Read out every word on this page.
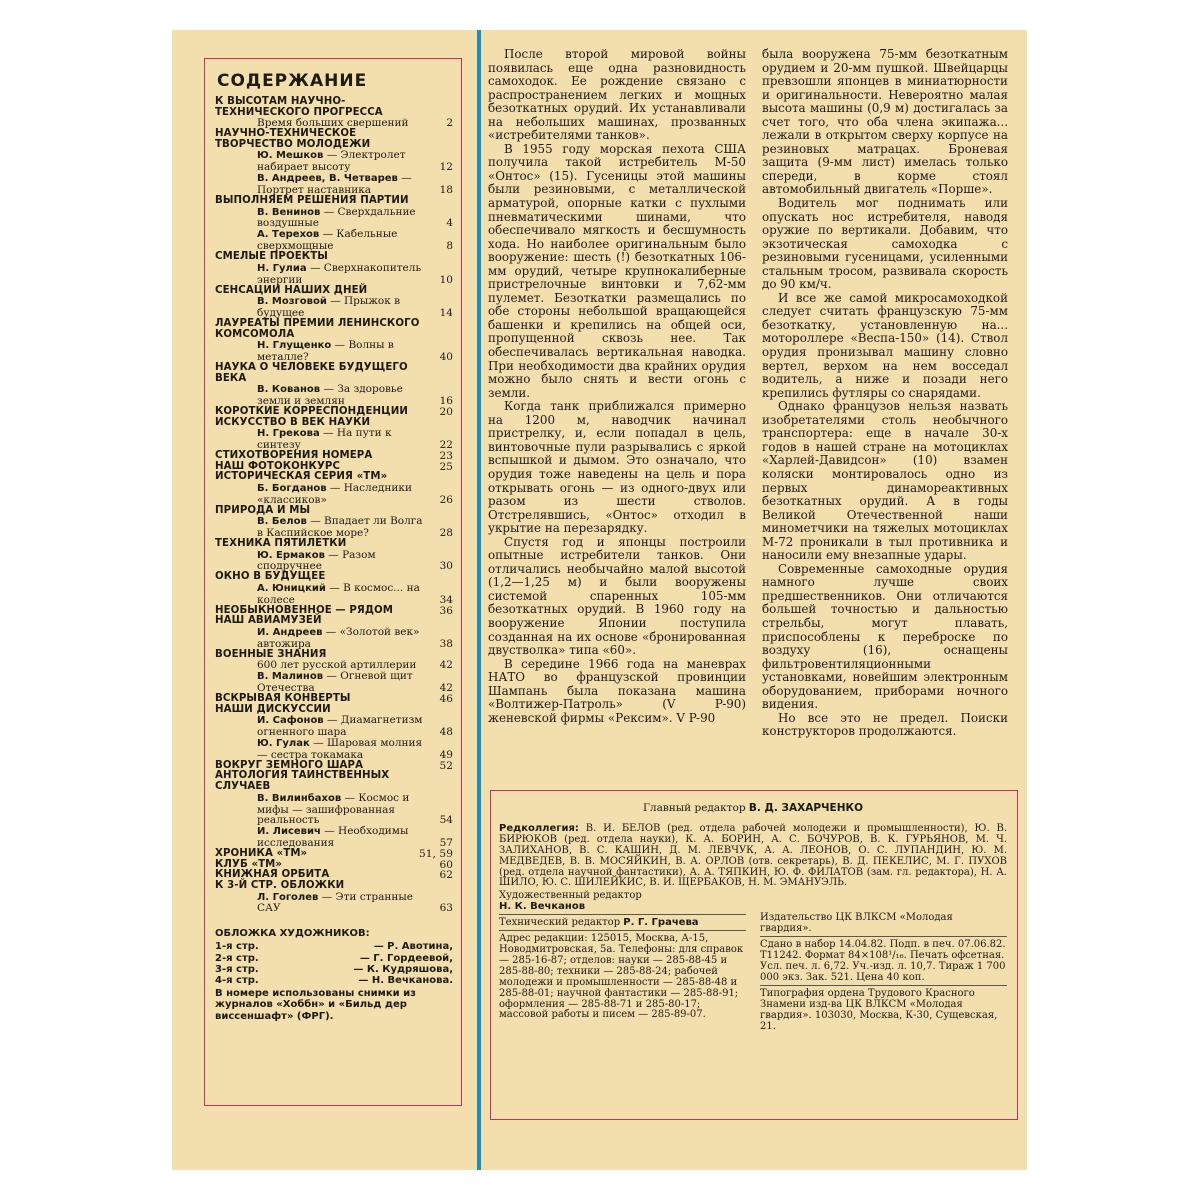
СОДЕРЖАНИЕ
К ВЫСОТАМ НАУЧНО-ТЕХНИЧЕСКОГО ПРОГРЕССА
Время больших свершений	2
НАУЧНО-ТЕХНИЧЕСКОЕ ТВОРЧЕСТВО МОЛОДЕЖИ
Ю. Мешков — Электролет набирает высоту	12
В. Андреев, В. Четварев — Портрет наставника	18
ВЫПОЛНЯЕМ РЕШЕНИЯ ПАРТИИ
В. Венинов — Сверхдальние воздушные	4
А. Терехов — Кабельные сверхмощные	8
СМЕЛЫЕ ПРОЕКТЫ
Н. Гулиа — Сверхнакопитель энергии	10
СЕНСАЦИИ НАШИХ ДНЕЙ
В. Мозговой — Прыжок в будущее	14
ЛАУРЕАТЫ ПРЕМИИ ЛЕНИНСКОГО КОМСОМОЛА
Н. Глущенко — Волны в металле?	40
НАУКА О ЧЕЛОВЕКЕ БУДУЩЕГО ВЕКА
В. Кованов — За здоровье земли и землян	16
КОРОТКИЕ КОРРЕСПОНДЕНЦИИ	20
ИСКУССТВО В ВЕК НАУКИ
Н. Грекова — На пути к синтезу	22
СТИХОТВОРЕНИЯ НОМЕРА	23
НАШ ФОТОКОНКУРС	25
ИСТОРИЧЕСКАЯ СЕРИЯ «ТМ»
Б. Богданов — Наследники «классиков»	26
ПРИРОДА И МЫ
В. Белов — Впадает ли Волга в Каспийское море?	28
ТЕХНИКА ПЯТИЛЕТКИ
Ю. Ермаков — Разом сподручнее	30
ОКНО В БУДУЩЕЕ
А. Юницкий — В космос... на колесе	34
НЕОБЫКНОВЕННОЕ — РЯДОМ	36
НАШ АВИАМУЗЕЙ
И. Андреев — «Золотой век» автожира	38
ВОЕННЫЕ ЗНАНИЯ
600 лет русской артиллерии 42
В. Малинов — Огневой щит Отечества	42
ВСКРЫВАЯ КОНВЕРТЫ	46
НАШИ ДИСКУССИИ
И. Сафонов — Диамагнетизм огненного шара	48
Ю. Гулак — Шаровая молния — сестра токамака	49
ВОКРУГ ЗЕМНОГО ШАРА	52
АНТОЛОГИЯ ТАИНСТВЕННЫХ СЛУЧАЕВ
В. Вилинбахов — Космос и мифы — зашифрованная реальность	54
И. Лисевич — Необходимы исследования	57
ХРОНИКА «ТМ»	51, 59
КЛУБ «ТМ»	60
КНИЖНАЯ ОРБИТА	62
К 3-Й СТР. ОБЛОЖКИ
Л. Гоголев — Эти странные САУ	63
ОБЛОЖКА ХУДОЖНИКОВ:
1-я стр.	— Р. Авотина,
2-я стр.	— Г. Гордеевой,
3-я стр.	— К. Кудряшова,
4-я стр.	— Н. Вечканова.
В номере использованы снимки из журналов «Хоббн» и «Бильд дер виссеншафт» (ФРГ).

После второй мировой войны появилась еще одна разновидность самоходок. Ее рождение связано с распространением легких и мощных безоткатных орудий. Их устанавливали на небольших машинах, прозванных «истребителями танков».

В 1955 году морская пехота США получила такой истребитель М-50 «Онтос» (15). Гусеницы этой машины были резиновыми, с металлической арматурой, опорные катки с пухлыми пневматическими шинами, что обеспечивало мягкость и бесшумность хода. Но наиболее оригинальным было вооружение: шесть (!) безоткатных 106-мм орудий, четыре крупнокалиберные пристрелочные винтовки и 7,62-мм пулемет. Безоткатки размещались по обе стороны небольшой вращающейся башенки и крепились на общей оси, пропущенной сквозь нее. Так обеспечивалась вертикальная наводка. При необходимости два крайних орудия можно было снять и вести огонь с земли.

Когда танк приближался примерно на 1200 м, наводчик начинал пристрелку, и, если попадал в цель, винтовочные пули разрывались с яркой вспышкой и дымом. Это означало, что орудия тоже наведены на цель и пора открывать огонь — из одного-двух или разом из шести стволов. Отстрелявшись, «Онтос» отходил в укрытие на перезарядку.

Спустя год и японцы построили опытные истребители танков. Они отличались необычайно малой высотой (1,2—1,25 м) и были вооружены системой спаренных 105-мм безоткатных орудий. В 1960 году на вооружение Японии поступила созданная на их основе «бронированная двустволка» типа «60».

В середине 1966 года на маневрах НАТО во французской провинции Шампань была показана машина «Волтижер-Патроль» (V P-90) женевской фирмы «Рексим». V P-90

была вооружена 75-мм безоткатным орудием и 20-мм пушкой. Швейцарцы превзошли японцев в миниатюрности и оригинальности. Невероятно малая высота машины (0,9 м) достигалась за счет того, что оба члена экипажа... лежали в открытом сверху корпусе на резиновых матрацах. Броневая защита (9-мм лист) имелась только спереди, в корме стоял автомобильный двигатель «Порше».

Водитель мог поднимать или опускать нос истребителя, наводя оружие по вертикали. Добавим, что экзотическая самоходка с резиновыми гусеницами, усиленными стальным тросом, развивала скорость до 90 км/ч.

И все же самой микросамоходкой следует считать французскую 75-мм безоткатку, установленную на... мотороллере «Веспа-150» (14). Ствол орудия пронизывал машину словно вертел, верхом на нем восседал водитель, а ниже и позади него крепились футляры со снарядами.

Однако французов нельзя назвать изобретателями столь необычного транспортера: еще в начале 30-х годов в нашей стране на мотоциклах «Харлей-Давидсон» (10) взамен коляски монтировалось одно из первых динамореактивных безоткатных орудий. А в годы Великой Отечественной наши минометчики на тяжелых мотоциклах М-72 проникали в тыл противника и наносили ему внезапные удары.

Современные самоходные орудия намного лучше своих предшественников. Они отличаются большей точностью и дальностью стрельбы, могут плавать, приспособлены к переброске по воздуху (16), оснащены фильтровентиляционными установками, новейшим электронным оборудованием, приборами ночного видения.

Но все это не предел. Поиски конструкторов продолжаются.

Главный редактор В. Д. ЗАХАРЧЕНКО
Редколлегия: В. И. БЕЛОВ (ред. отдела рабочей молодежи и промышленности), Ю. В. БИРЮКОВ (ред. отдела науки), К. А. БОРИН, А. С. БОЧУРОВ, В. К. ГУРЬЯНОВ, М. Ч. ЗАЛИХАНОВ, В. С. КАШИН, Д. М. ЛЕВЧУК, А. А. ЛЕОНОВ, О. С. ЛУПАНДИН, Ю. М. МЕДВЕДЕВ, В. В. МОСЯЙКИН, В. А. ОРЛОВ (отв. секретарь), В. Д. ПЕКЕЛИС, М. Г. ПУХОВ (ред. отдела научной фантастики), А. А. ТЯПКИН, Ю. Ф. ФИЛАТОВ (зам. гл. редактора), Н. А. ШИЛО, Ю. С. ШИЛЕЙКИС, В. И. ЩЕРБАКОВ, Н. М. ЭМАНУЭЛЬ.
Художественный редактор
Н. К. Вечканов
Технический редактор Р. Г. Грачева
Адрес редакции: 125015, Москва, А-15, Новодмитровская, 5а. Телефоны: для справок — 285-16-87; отделов: науки — 285-88-45 и 285-88-80; техники — 285-88-24; рабочей молодежи и промышленности — 285-88-48 и 285-88-01; научной фантастики — 285-88-91; оформления — 285-88-71 и 285-80-17; массовой работы и писем — 285-89-07.
Издательство ЦК ВЛКСМ «Молодая гвардия».
Сдано в набор 14.04.82. Подп. в печ. 07.06.82. Т11242. Формат 84×108¹/₁₆. Печать офсетная. Усл. печ. л. 6,72. Уч.-изд. л. 10,7. Тираж 1 700 000 экз. Зак. 521. Цена 40 коп.
Типография ордена Трудового Красного Знамени изд-ва ЦК ВЛКСМ «Молодая гвардия». 103030, Москва, К-30, Сущевская, 21.
